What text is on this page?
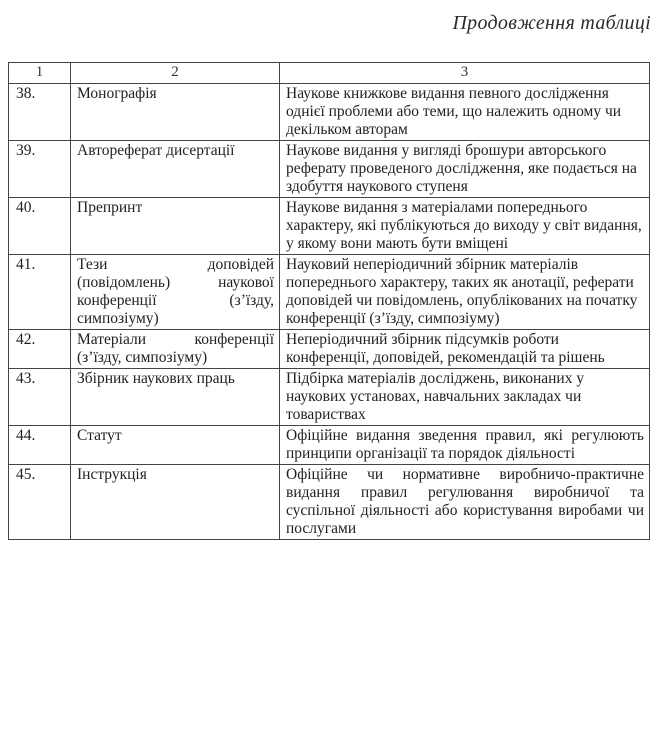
Продовження таблиці
1	2	3
38.	Монографія	Наукове книжкове видання певного дослідження однієї проблеми або теми, що належить одному чи декільком авторам
39.	Автореферат дисертації	Наукове видання у вигляді брошури авторського реферату проведеного дослідження, яке подається на здобуття наукового ступеня
40.	Препринт	Наукове видання з матеріалами попереднього характеру, які публікуються до виходу у світ видання, у якому вони мають бути вміщені
41.	Тези доповідей (повідомлень) наукової конференції (з’їзду, симпозіуму)	Науковий неперіодичний збірник матеріалів попереднього характеру, таких як анотації, реферати доповідей чи повідомлень, опублікованих на початку конференції (з’їзду, симпозіуму)
42.	Матеріали конференції (з’їзду, симпозіуму)	Неперіодичний збірник підсумків роботи конференції, доповідей, рекомендацій та рішень
43.	Збірник наукових праць	Підбірка матеріалів досліджень, виконаних у наукових установах, навчальних закладах чи товариствах
44.	Статут	Офіційне видання зведення правил, які регулюють принципи організації та порядок діяльності
45.	Інструкція	Офіційне чи нормативне виробничо-практичне видання правил регулювання виробничої та суспільної діяльності або користування виробами чи послугами
